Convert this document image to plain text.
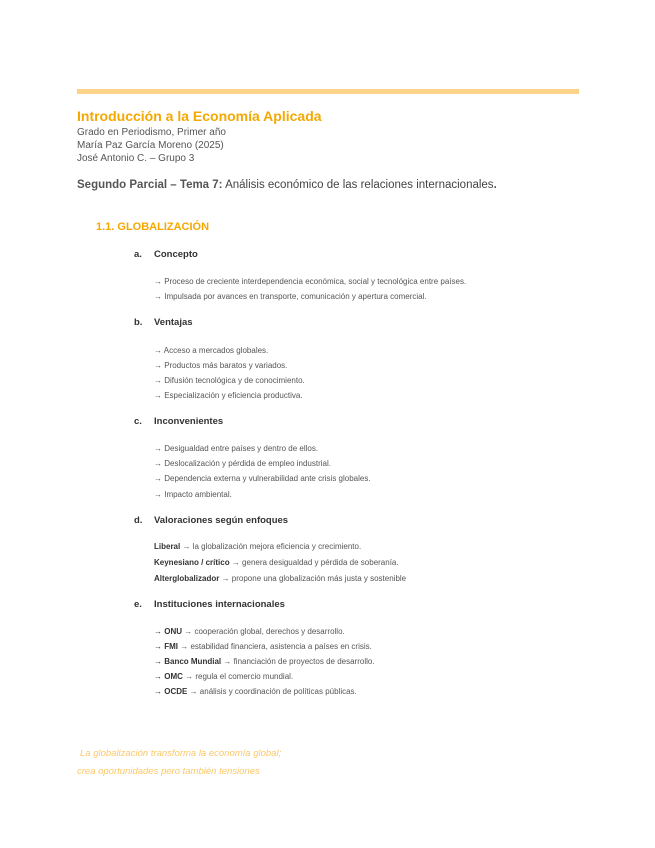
Introducción a la Economía Aplicada
Grado en Periodismo, Primer año
María Paz García Moreno (2025)
José Antonio C. – Grupo 3
Segundo Parcial – Tema 7: Análisis económico de las relaciones internacionales.
1.1. GLOBALIZACIÓN
a. Concepto
→ Proceso de creciente interdependencia económica, social y tecnológica entre países.
→ Impulsada por avances en transporte, comunicación y apertura comercial.
b. Ventajas
→ Acceso a mercados globales.
→ Productos más baratos y variados.
→ Difusión tecnológica y de conocimiento.
→ Especialización y eficiencia productiva.
c. Inconvenientes
→ Desigualdad entre países y dentro de ellos.
→ Deslocalización y pérdida de empleo industrial.
→ Dependencia externa y vulnerabilidad ante crisis globales.
→ Impacto ambiental.
d. Valoraciones según enfoques
Liberal → la globalización mejora eficiencia y crecimiento.
Keynesiano / crítico → genera desigualdad y pérdida de soberanía.
Alterglobalizador → propone una globalización más justa y sostenible
e. Instituciones internacionales
→ ONU → cooperación global, derechos y desarrollo.
→ FMI → estabilidad financiera, asistencia a países en crisis.
→ Banco Mundial → financiación de proyectos de desarrollo.
→ OMC → regula el comercio mundial.
→ OCDE → análisis y coordinación de políticas públicas.
La globalización transforma la economía global;
crea oportunidades pero también tensiones
